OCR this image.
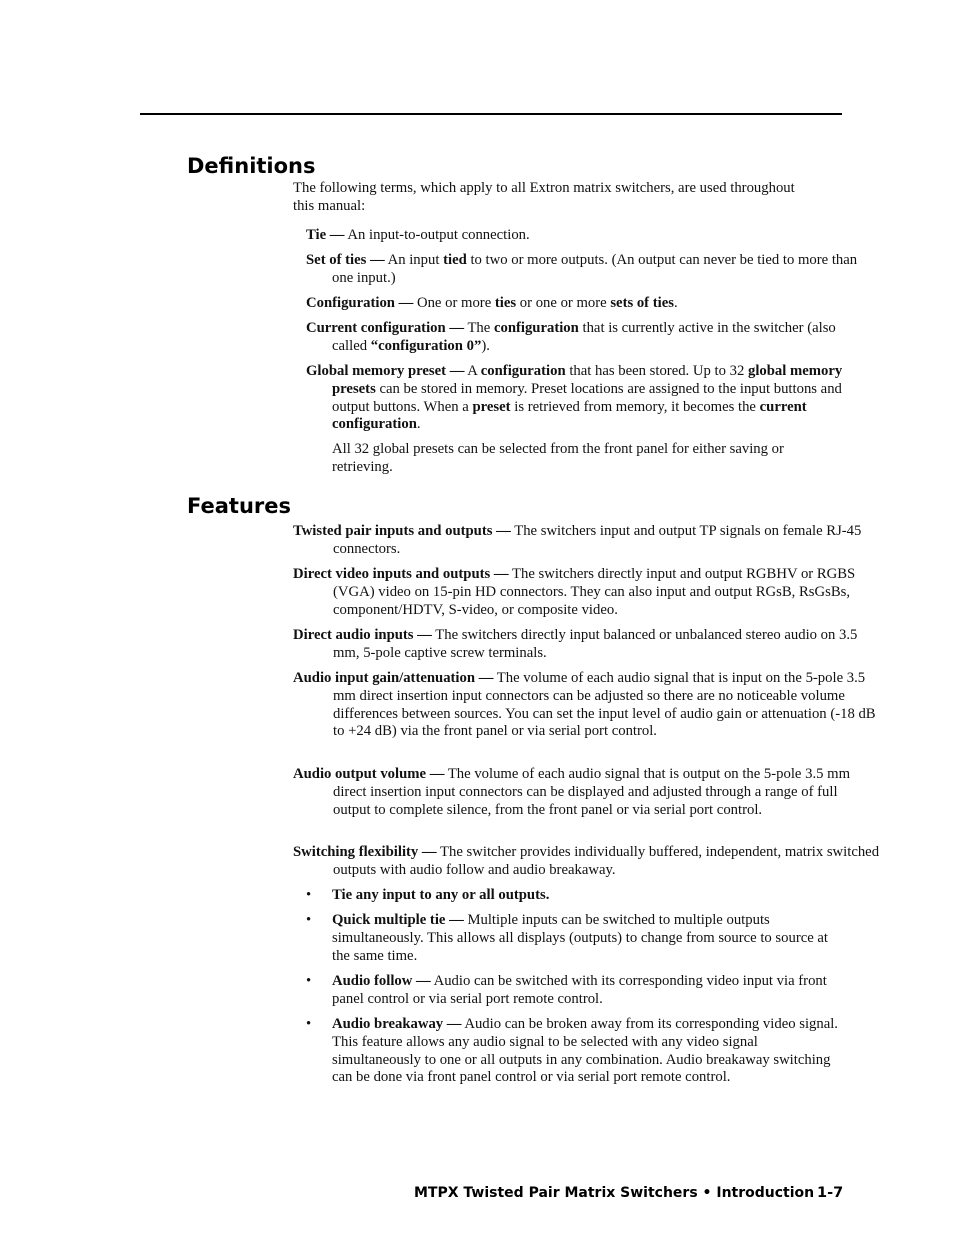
Definitions

The following terms, which apply to all Extron matrix switchers, are used throughout this manual:

Tie — An input-to-output connection.

Set of ties — An input tied to two or more outputs. (An output can never be tied to more than one input.)

Configuration — One or more ties or one or more sets of ties.

Current configuration — The configuration that is currently active in the switcher (also called “configuration 0”).

Global memory preset — A configuration that has been stored. Up to 32 global memory presets can be stored in memory. Preset locations are assigned to the input buttons and output buttons. When a preset is retrieved from memory, it becomes the current configuration.

All 32 global presets can be selected from the front panel for either saving or retrieving.

Features

Twisted pair inputs and outputs — The switchers input and output TP signals on female RJ-45 connectors.

Direct video inputs and outputs — The switchers directly input and output RGBHV or RGBS (VGA) video on 15-pin HD connectors. They can also input and output RGsB, RsGsBs, component/HDTV, S-video, or composite video.

Direct audio inputs — The switchers directly input balanced or unbalanced stereo audio on 3.5 mm, 5-pole captive screw terminals.

Audio input gain/attenuation — The volume of each audio signal that is input on the 5-pole 3.5 mm direct insertion input connectors can be adjusted so there are no noticeable volume differences between sources. You can set the input level of audio gain or attenuation (-18 dB to +24 dB) via the front panel or via serial port control.

Audio output volume — The volume of each audio signal that is output on the 5-pole 3.5 mm direct insertion input connectors can be displayed and adjusted through a range of full output to complete silence, from the front panel or via serial port control.

Switching flexibility — The switcher provides individually buffered, independent, matrix switched outputs with audio follow and audio breakaway.

• Tie any input to any or all outputs.
• Quick multiple tie — Multiple inputs can be switched to multiple outputs simultaneously. This allows all displays (outputs) to change from source to source at the same time.
• Audio follow — Audio can be switched with its corresponding video input via front panel control or via serial port remote control.
• Audio breakaway — Audio can be broken away from its corresponding video signal. This feature allows any audio signal to be selected with any video signal simultaneously to one or all outputs in any combination. Audio breakaway switching can be done via front panel control or via serial port remote control.
MTPX Twisted Pair Matrix Switchers • Introduction 1-7
